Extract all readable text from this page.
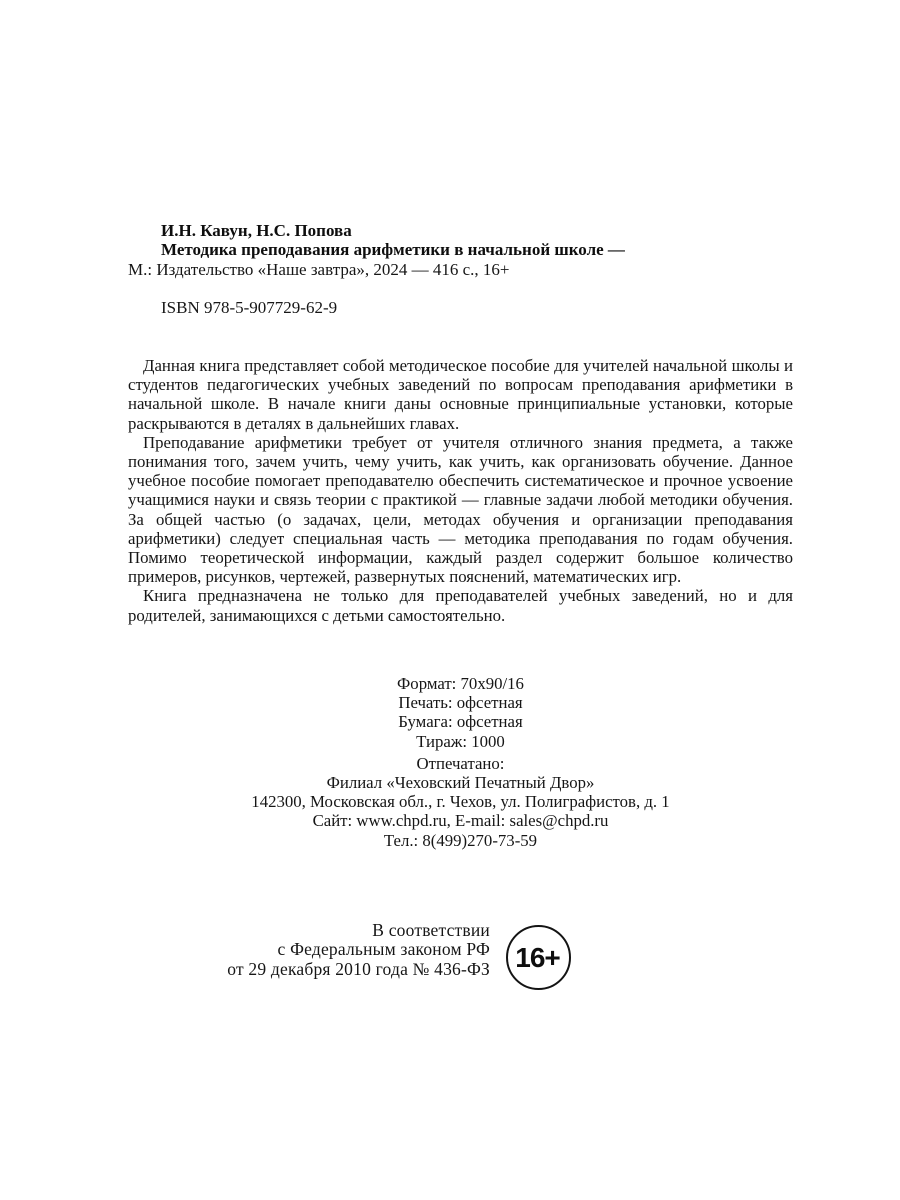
И.Н. Кавун, Н.С. Попова
Методика преподавания арифметики в начальной школе —
М.: Издательство «Наше завтра», 2024 — 416 с., 16+
ISBN 978-5-907729-62-9

Данная книга представляет собой методическое пособие для учителей начальной школы и студентов педагогических учебных заведений по вопросам преподавания арифметики в начальной школе. В начале книги даны основные принципиальные установки, которые раскрываются в деталях в дальнейших главах.

Преподавание арифметики требует от учителя отличного знания предмета, а также понимания того, зачем учить, чему учить, как учить, как организовать обучение. Данное учебное пособие помогает преподавателю обеспечить систематическое и прочное усвоение учащимися науки и связь теории с практикой — главные задачи любой методики обучения. За общей частью (о задачах, цели, методах обучения и организации преподавания арифметики) следует специальная часть — методика преподавания по годам обучения. Помимо теоретической информации, каждый раздел содержит большое количество примеров, рисунков, чертежей, развернутых пояснений, математических игр.

Книга предназначена не только для преподавателей учебных заведений, но и для родителей, занимающихся с детьми самостоятельно.

Формат: 70х90/16
Печать: офсетная
Бумага: офсетная
Тираж: 1000
Отпечатано:
Филиал «Чеховский Печатный Двор»
142300, Московская обл., г. Чехов, ул. Полиграфистов, д. 1
Сайт: www.chpd.ru, E-mail: sales@chpd.ru
Тел.: 8(499)270-73-59
В соответствии
с Федеральным законом РФ
от 29 декабря 2010 года № 436-ФЗ 16+
